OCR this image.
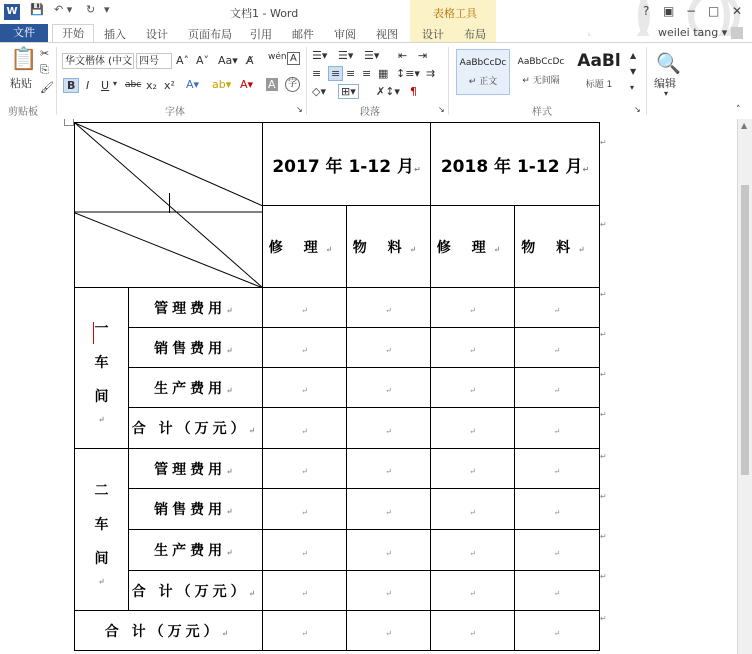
W 💾 ↶ ▾ ↻ ▾	文档1 - Word	表格工具	? ▣ − □ ✕
文件	开始	插入 设计 页面布局 引用 邮件 审阅 视图 设计 布局	weilei tang ▾
📋
粘贴
✂
⎘
🖌
剪贴板
华文楷体 (中文 四号	A˄ A˅ Aa▾ A̸ wén A
B I U ▾ abc x₂ x² A▾ ab▾ A▾ A	字
字体	↘
☰▾ ☰▾ ☰▾ ⇤ ⇥
≡ ≡ ≡ ≡ ▦ ↕≡▾ ⇉
◇▾ ⊞▾ ✗↕▾ ¶
段落	↘
AaBbCcDc
↵ 正文
AaBbCcDc
↵ 无间隔
AaBl
标题 1
▲
▼
▾
样式	↘
🔍
编辑
▾
˄
▲
	2017 年 1-12 月↵		2018 年 1-12 月↵	
		修 理↵	物 料↵	修 理↵	物 料↵

一
车
间
↵	管理费用↵	↵	↵	↵	↵
	销售费用↵	↵	↵	↵	↵
	生产费用↵	↵	↵	↵	↵
	合 计（万元）↵	↵	↵	↵	↵

二
车
间
↵	管理费用↵	↵	↵	↵	↵
	销售费用↵	↵	↵	↵	↵
	生产费用↵	↵	↵	↵	↵
	合 计（万元）↵	↵	↵	↵	↵
合 计（万元）↵		↵	↵	↵	↵
↵
↵
↵
↵
↵
↵
↵
↵
↵
↵
↵
